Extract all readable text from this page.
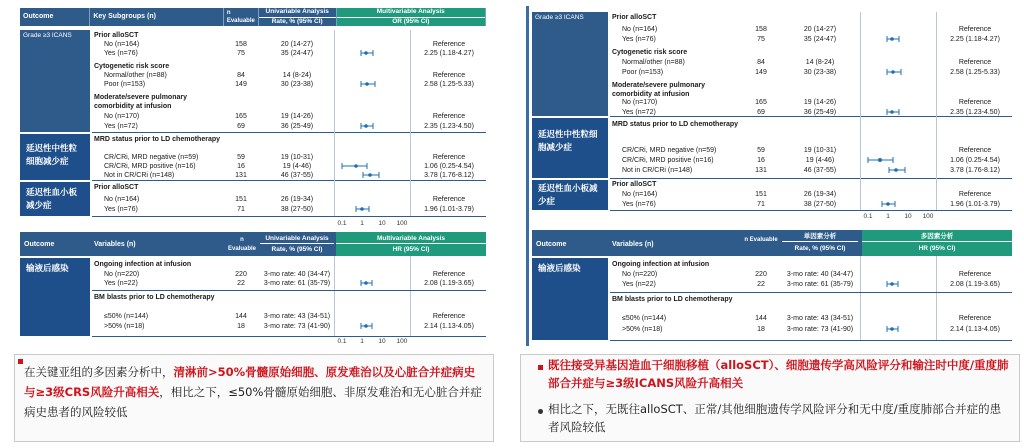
Outcome	Key Subgroups (n)	n Evaluable	
Univariable Analysis
Rate, % (95% CI)

Multivariable Analysis
OR (95% CI)
Grade ≥3 ICANS
延迟性中性粒细胞减少症
延迟性血小板减少症
Prior alloSCT
No (n=164)	158	20 (14-27)	Reference
Yes (n=76)	75	35 (24-47)	2.25 (1.18-4.27)
Cytogenetic risk score
Normal/other (n=88)	84	14 (8-24)	Reference
Poor (n=153)	149	30 (23-38)	2.58 (1.25-5.33)
Moderate/severe pulmonary comorbidity at infusion
No (n=170)	165	19 (14-26)	Reference
Yes (n=72)	69	36 (25-49)	2.35 (1.23-4.50)
MRD status prior to LD chemotherapy
CR/CRi, MRD negative (n=59)	59	19 (10-31)	Reference
CR/CRi, MRD positive (n=16)	16	19 (4-46)	1.06 (0.25-4.54)
Not in CR/CRi (n=148)	131	46 (37-55)	3.78 (1.76-8.12)
Prior alloSCT
No (n=164)	151	26 (19-34)	Reference
Yes (n=76)	71	38 (27-50)	1.96 (1.01-3.79)
0.1 1 10 100
Outcome	Variables (n)
n Evaluable
Univariable Analysis
Rate, % (95% CI)
Multivariable Analysis
HR (95% CI)
输液后感染	Ongoing infection at infusion
No (n=220)	220	3-mo rate: 40 (34-47)	Reference
Yes (n=22)	22	3-mo rate: 61 (35-79)	2.08 (1.19-3.65)
BM blasts prior to LD chemotherapy
≤50% (n=144)	144	3-mo rate: 43 (34-51)	Reference
>50% (n=18)	18	3-mo rate: 73 (41-90)	2.14 (1.13-4.05)
0.1 1 10 100
在关键亚组的多因素分析中，清淋前>50%骨髓原始细胞、原发难治以及心脏合并症病史与≥3级CRS风险升高相关，相比之下，≤50%骨髓原始细胞、非原发难治和无心脏合并症病史患者的风险较低
Grade ≥3 ICANS
延迟性中性粒细胞减少症
延迟性血小板减少症
Prior alloSCT
No (n=164)	158	20 (14-27)	Reference
Yes (n=76)	75	35 (24-47)	2.25 (1.18-4.27)
Cytogenetic risk score
Normal/other (n=88)	84	14 (8-24)	Reference
Poor (n=153)	149	30 (23-38)	2.58 (1.25-5.33)
Moderate/severe pulmonary comorbidity at infusion
No (n=170)	165	19 (14-26)	Reference
Yes (n=72)	69	36 (25-49)	2.35 (1.23-4.50)
MRD status prior to LD chemotherapy
CR/CRi, MRD negative (n=59)	59	19 (10-31)	Reference
CR/CRi, MRD positive (n=16)	16	19 (4-46)	1.06 (0.25-4.54)
Not in CR/CRi (n=148)	131	46 (37-55)	3.78 (1.76-8.12)
Prior alloSCT
No (n=164)	151	26 (19-34)	Reference
Yes (n=76)	71	38 (27-50)	1.96 (1.01-3.79)
0.1 1 10 100
Outcome	Variables (n)
n Evaluable	单因素分析
Rate, % (95% CI)
多因素分析
HR (95% CI)
输液后感染	Ongoing infection at infusion
No (n=220)	220	3-mo rate: 40 (34-47)	Reference
Yes (n=22)	22	3-mo rate: 61 (35-79)	2.08 (1.19-3.65)
BM blasts prior to LD chemotherapy
≤50% (n=144)	144	3-mo rate: 43 (34-51)	Reference
>50% (n=18)	18	3-mo rate: 73 (41-90)	2.14 (1.13-4.05)
既往接受异基因造血干细胞移植（alloSCT）、细胞遗传学高风险评分和输注时中度/重度肺部合并症与≥3级ICANS风险升高相关
相比之下，无既往alloSCT、正常/其他细胞遗传学风险评分和无中度/重度肺部合并症的患者风险较低
